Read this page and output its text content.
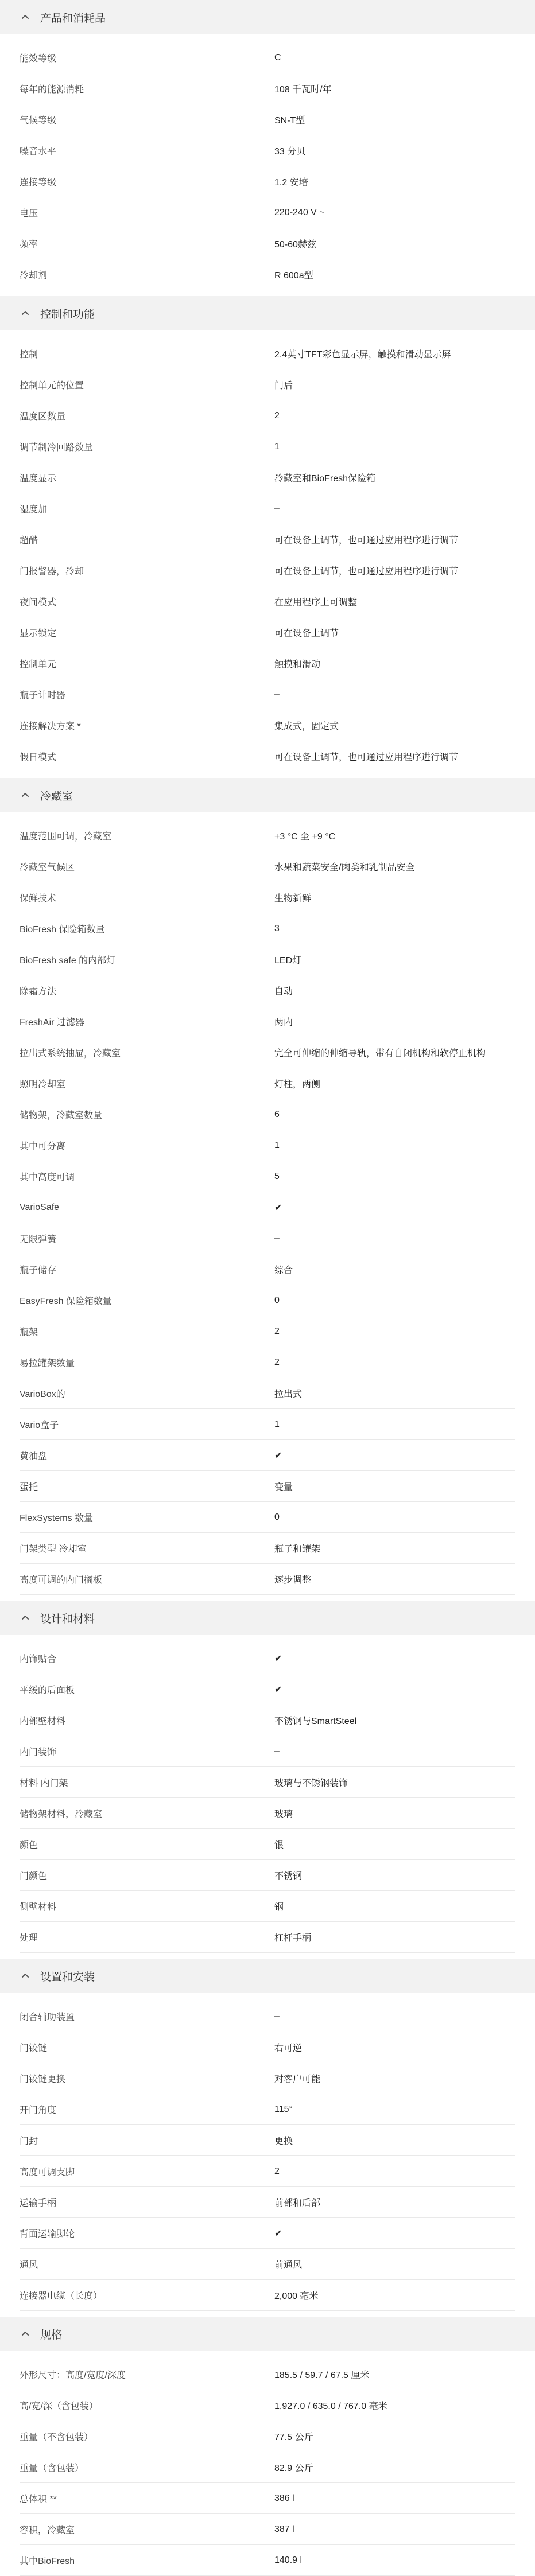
产品和消耗品
能效等级	C
每年的能源消耗	108 千瓦时/年
气候等级	SN-T型
噪音水平	33 分贝
连接等级	1.2 安培
电压	220-240 V ~
频率	50-60赫兹
冷却剂	R 600a型
控制和功能
控制	2.4英寸TFT彩色显示屏，触摸和滑动显示屏
控制单元的位置	门后
温度区数量	2
调节制冷回路数量	1
温度显示	冷藏室和BioFresh保险箱
湿度加	–
超酷	可在设备上调节，也可通过应用程序进行调节
门报警器，冷却	可在设备上调节，也可通过应用程序进行调节
夜间模式	在应用程序上可调整
显示锁定	可在设备上调节
控制单元	触摸和滑动
瓶子计时器	–
连接解决方案 *	集成式，固定式
假日模式	可在设备上调节，也可通过应用程序进行调节
冷藏室
温度范围可调，冷藏室	+3 °C 至 +9 °C
冷藏室气候区	水果和蔬菜安全/肉类和乳制品安全
保鲜技术	生物新鲜
BioFresh 保险箱数量	3
BioFresh safe 的内部灯	LED灯
除霜方法	自动
FreshAir 过滤器	两内
拉出式系统抽屉，冷藏室	完全可伸缩的伸缩导轨，带有自闭机构和软停止机构
照明冷却室	灯柱，两侧
储物架，冷藏室数量	6
其中可分离	1
其中高度可调	5
VarioSafe	✔
无限弹簧	–
瓶子储存	综合
EasyFresh 保险箱数量	0
瓶架	2
易拉罐架数量	2
VarioBox的	拉出式
Vario盒子	1
黄油盘	✔
蛋托	变量
FlexSystems 数量	0
门架类型 冷却室	瓶子和罐架
高度可调的内门搁板	逐步调整
设计和材料
内饰贴合	✔
平缓的后面板	✔
内部壁材料	不锈钢与SmartSteel
内门装饰	–
材料 内门架	玻璃与不锈钢装饰
储物架材料，冷藏室	玻璃
颜色	银
门颜色	不锈钢
侧壁材料	钢
处理	杠杆手柄
设置和安装
闭合辅助装置	–
门铰链	右可逆
门铰链更换	对客户可能
开门角度	115°
门封	更换
高度可调支脚	2
运输手柄	前部和后部
背面运输脚轮	✔
通风	前通风
连接器电缆（长度）	2,000 毫米
规格
外形尺寸：高度/宽度/深度	185.5 / 59.7 / 67.5 厘米
高/宽/深（含包装）	1,927.0 / 635.0 / 767.0 毫米
重量（不含包装）	77.5 公斤
重量（含包装）	82.9 公斤
总体积 **	386 l
容积，冷藏室	387 l
其中BioFresh	140.9 l
